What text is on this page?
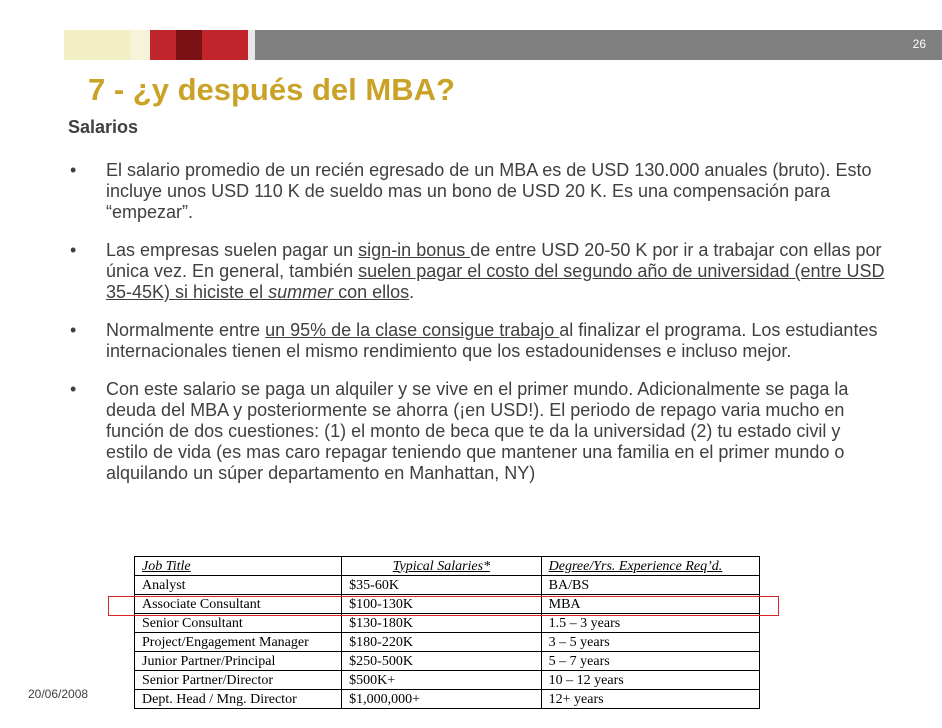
26
7 - ¿y después del MBA?
Salarios
• El salario promedio de un recién egresado de un MBA es de USD 130.000 anuales (bruto). Esto incluye unos USD 110 K de sueldo mas un bono de USD 20 K. Es una compensación para “empezar”.
• Las empresas suelen pagar un sign-in bonus de entre USD 20-50 K por ir a trabajar con ellas por única vez. En general, también suelen pagar el costo del segundo año de universidad (entre USD 35-45K) si hiciste el summer con ellos.
• Normalmente entre un 95% de la clase consigue trabajo al finalizar el programa. Los estudiantes internacionales tienen el mismo rendimiento que los estadounidenses e incluso mejor.
• Con este salario se paga un alquiler y se vive en el primer mundo. Adicionalmente se paga la deuda del MBA y posteriormente se ahorra (¡en USD!). El periodo de repago varia mucho en función de dos cuestiones: (1) el monto de beca que te da la universidad (2) tu estado civil y estilo de vida (es mas caro repagar teniendo que mantener una familia en el primer mundo o alquilando un súper departamento en Manhattan, NY)
Job Title	Typical Salaries*	Degree/Yrs. Experience Req’d.
Analyst	$35-60K	BA/BS
Associate Consultant	$100-130K	MBA
Senior Consultant	$130-180K	1.5 – 3 years
Project/Engagement Manager	$180-220K	3 – 5 years
Junior Partner/Principal	$250-500K	5 – 7 years
Senior Partner/Director	$500K+	10 – 12 years
Dept. Head / Mng. Director	$1,000,000+	12+ years
20/06/2008
